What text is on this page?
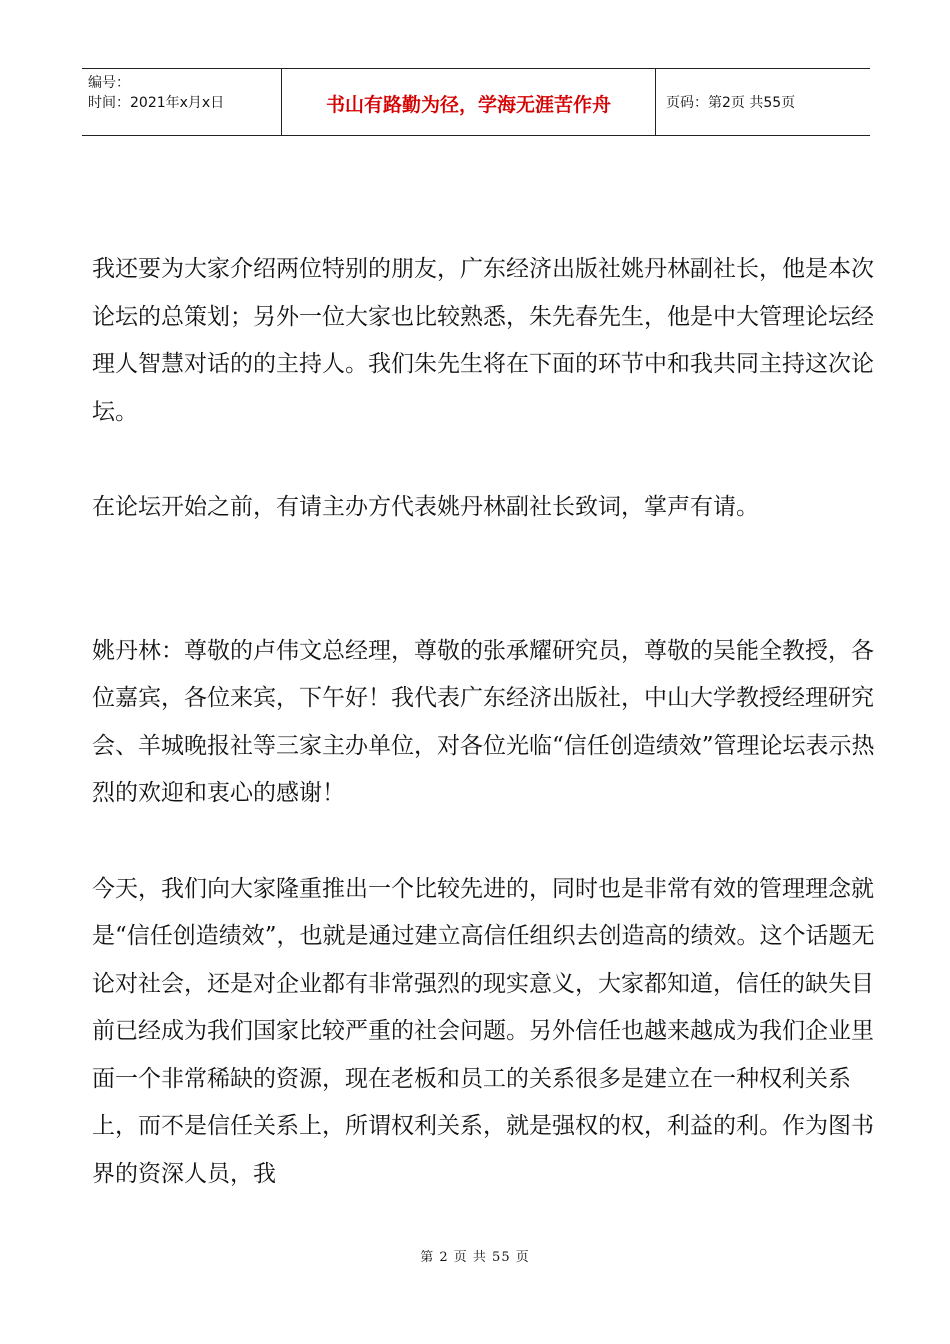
编号：
时间：2021年x月x日	书山有路勤为径，学海无涯苦作舟	页码：第2页 共55页

我还要为大家介绍两位特别的朋友，广东经济出版社姚丹林副社长，他是本次论坛的总策划；另外一位大家也比较熟悉，朱先春先生，他是中大管理论坛经理人智慧对话的的主持人。我们朱先生将在下面的环节中和我共同主持这次论坛。

在论坛开始之前，有请主办方代表姚丹林副社长致词，掌声有请。

姚丹林：尊敬的卢伟文总经理，尊敬的张承耀研究员，尊敬的吴能全教授，各位嘉宾，各位来宾，下午好！我代表广东经济出版社，中山大学教授经理研究会、羊城晚报社等三家主办单位，对各位光临“信任创造绩效”管理论坛表示热烈的欢迎和衷心的感谢！

今天，我们向大家隆重推出一个比较先进的，同时也是非常有效的管理理念就是“信任创造绩效”，也就是通过建立高信任组织去创造高的绩效。这个话题无论对社会，还是对企业都有非常强烈的现实意义，大家都知道，信任的缺失目前已经成为我们国家比较严重的社会问题。另外信任也越来越成为我们企业里面一个非常稀缺的资源，现在老板和员工的关系很多是建立在一种权利关系上，而不是信任关系上，所谓权利关系，就是强权的权，利益的利。作为图书界的资深人员，我

第 2 页 共 55 页
